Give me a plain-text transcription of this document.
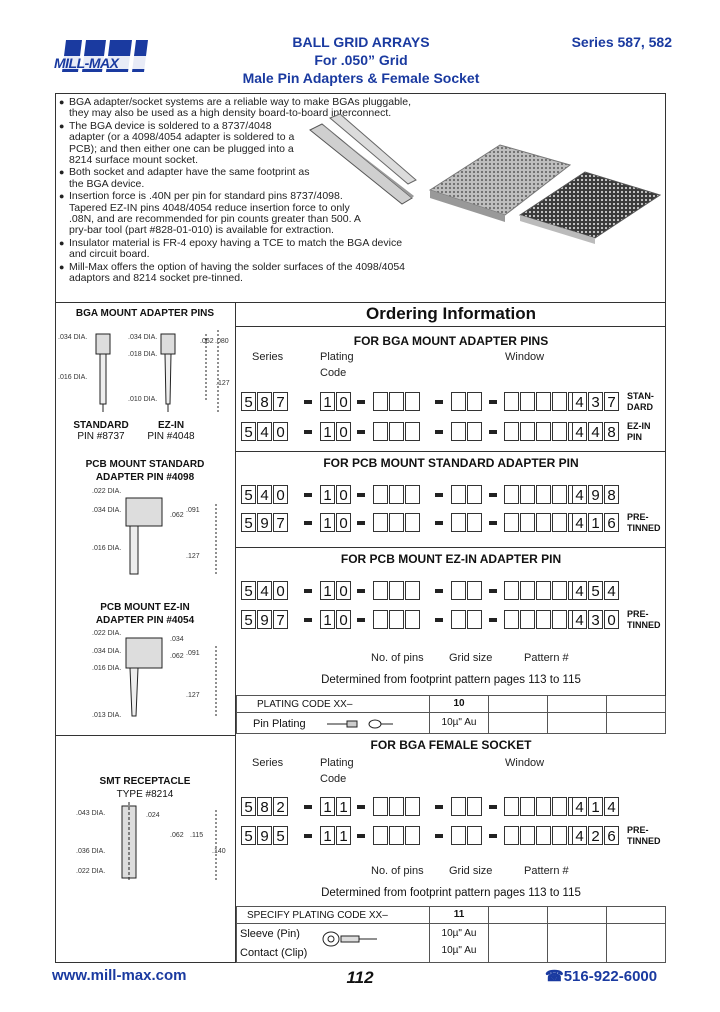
MILL-MAX
BALL GRID ARRAYS
For .050” Grid
Male Pin Adapters & Female Socket
Series 587, 582
● BGA adapter/socket systems are a reliable way to make BGAs pluggable, they may also be used as a high density board-to-board interconnect.
● The BGA device is soldered to a 8737/4048 adapter (or a 4098/4054 adapter is soldered to a PCB); and then either one can be plugged into a 8214 surface mount socket.
● Both socket and adapter have the same footprint as the BGA device.
● Insertion force is .40N per pin for standard pins 8737/4098. Tapered EZ-IN pins 4048/4054 reduce insertion force to only .08N, and are recommended for pin counts greater than 500. A pry-bar tool (part #828-01-010) is available for extraction.
● Insulator material is FR-4 epoxy having a TCE to match the BGA device and circuit board.
● Mill-Max offers the option of having the solder surfaces of the 4098/4054 adaptors and 8214 socket pre-tinned.
BGA MOUNT ADAPTER PINS
.034 DIA.	.034 DIA.
.018 DIA.
.016 DIA.
.010 DIA.
.062 .080
.127
STANDARD
PIN #8737
EZ-IN
PIN #4048
PCB MOUNT STANDARD
ADAPTER PIN #4098
.022 DIA.
.034 DIA.
.016 DIA.
.062
.091
.127
PCB MOUNT EZ-IN
ADAPTER PIN #4054
.022 DIA.
.034 DIA.
.016 DIA.
.013 DIA.
.034
.062 .091
.127
SMT RECEPTACLE
TYPE #8214
.043 DIA.
.036 DIA.
.022 DIA.
.024
.062 .115
.140
Ordering Information
FOR BGA MOUNT ADAPTER PINS
Series	Plating
Code
Window
5 8 7	1 0	4 3 7	STAN-
DARD
5 4 0	1 0	4 4 8	EZ-IN
PIN
FOR PCB MOUNT STANDARD ADAPTER PIN
5 4 0	1 0	4 9 8
5 9 7	1 0	4 1 6	PRE-
TINNED
FOR PCB MOUNT EZ-IN ADAPTER PIN
5 4 0	1 0	4 5 4
5 9 7	1 0	4 3 0	PRE-
TINNED
No. of pins Grid size	Pattern #
Determined from footprint pattern pages 113 to 115
PLATING CODE XX–	10
Pin Plating	10µ" Au
FOR BGA FEMALE SOCKET
Series	Plating
Code
Window
5 8 2	1 1	4 1 4
5 9 5	1 1	4 2 6	PRE-
TINNED
No. of pins Grid size	Pattern #
Determined from footprint pattern pages 113 to 115
SPECIFY PLATING CODE XX–	11
Sleeve (Pin)
Contact (Clip)
10µ" Au
10µ" Au
www.mill-max.com	112	☎516-922-6000
